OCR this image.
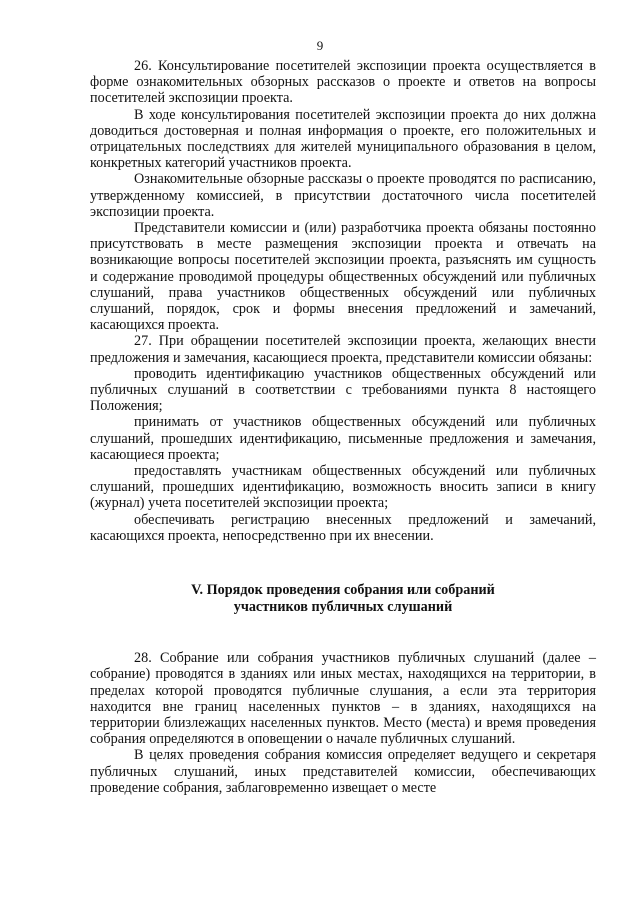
9

26. Консультирование посетителей экспозиции проекта осуществляется в форме ознакомительных обзорных рассказов о проекте и ответов на вопросы посетителей экспозиции проекта.

В ходе консультирования посетителей экспозиции проекта до них должна доводиться достоверная и полная информация о проекте, его положительных и отрицательных последствиях для жителей муниципального образования в целом, конкретных категорий участников проекта.

Ознакомительные обзорные рассказы о проекте проводятся по расписанию, утвержденному комиссией, в присутствии достаточного числа посетителей экспозиции проекта.

Представители комиссии и (или) разработчика проекта обязаны постоянно присутствовать в месте размещения экспозиции проекта и отвечать на возникающие вопросы посетителей экспозиции проекта, разъяснять им сущность и содержание проводимой процедуры общественных обсуждений или публичных слушаний, права участников общественных обсуждений или публичных слушаний, порядок, срок и формы внесения предложений и замечаний, касающихся проекта.

27. При обращении посетителей экспозиции проекта, желающих внести предложения и замечания, касающиеся проекта, представители комиссии обязаны:

проводить идентификацию участников общественных обсуждений или публичных слушаний в соответствии с требованиями пункта 8 настоящего Положения;

принимать от участников общественных обсуждений или публичных слушаний, прошедших идентификацию, письменные предложения и замечания, касающиеся проекта;

предоставлять участникам общественных обсуждений или публичных слушаний, прошедших идентификацию, возможность вносить записи в книгу (журнал) учета посетителей экспозиции проекта;

обеспечивать регистрацию внесенных предложений и замечаний, касающихся проекта, непосредственно при их внесении.

V. Порядок проведения собрания или собраний
участников публичных слушаний

28. Собрание или собрания участников публичных слушаний (далее – собрание) проводятся в зданиях или иных местах, находящихся на территории, в пределах которой проводятся публичные слушания, а если эта территория находится вне границ населенных пунктов – в зданиях, находящихся на территории близлежащих населенных пунктов. Место (места) и время проведения собрания определяются в оповещении о начале публичных слушаний.

В целях проведения собрания комиссия определяет ведущего и секретаря публичных слушаний, иных представителей комиссии, обеспечивающих проведение собрания, заблаговременно извещает о месте
